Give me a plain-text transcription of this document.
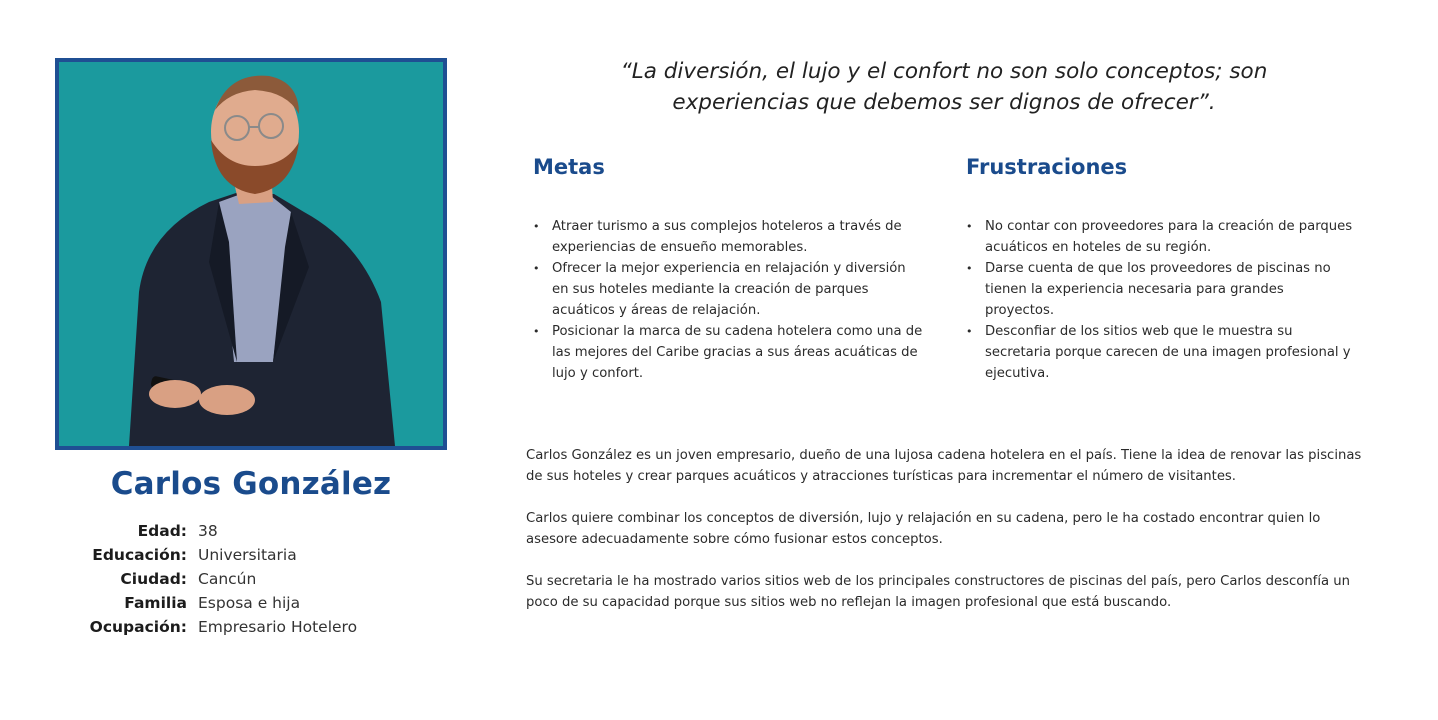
Carlos González
Edad: 38
Educación: Universitaria
Ciudad: Cancún
Familia Esposa e hija
Ocupación: Empresario Hotelero
“La diversión, el lujo y el confort no son solo conceptos; son
experiencias que debemos ser dignos de ofrecer”.
Metas	Frustraciones
• Atraer turismo a sus complejos hoteleros a través de experiencias de ensueño memorables.
• Ofrecer la mejor experiencia en relajación y diversión en sus hoteles mediante la creación de parques acuáticos y áreas de relajación.
• Posicionar la marca de su cadena hotelera como una de las mejores del Caribe gracias a sus áreas acuáticas de lujo y confort.
• No contar con proveedores para la creación de parques acuáticos en hoteles de su región.
• Darse cuenta de que los proveedores de piscinas no tienen la experiencia necesaria para grandes proyectos.
• Desconfiar de los sitios web que le muestra su secretaria porque carecen de una imagen profesional y ejecutiva.

Carlos González es un joven empresario, dueño de una lujosa cadena hotelera en el país. Tiene la idea de renovar las piscinas de sus hoteles y crear parques acuáticos y atracciones turísticas para incrementar el número de visitantes.

Carlos quiere combinar los conceptos de diversión, lujo y relajación en su cadena, pero le ha costado encontrar quien lo asesore adecuadamente sobre cómo fusionar estos conceptos.

Su secretaria le ha mostrado varios sitios web de los principales constructores de piscinas del país, pero Carlos desconfía un poco de su capacidad porque sus sitios web no reflejan la imagen profesional que está buscando.
